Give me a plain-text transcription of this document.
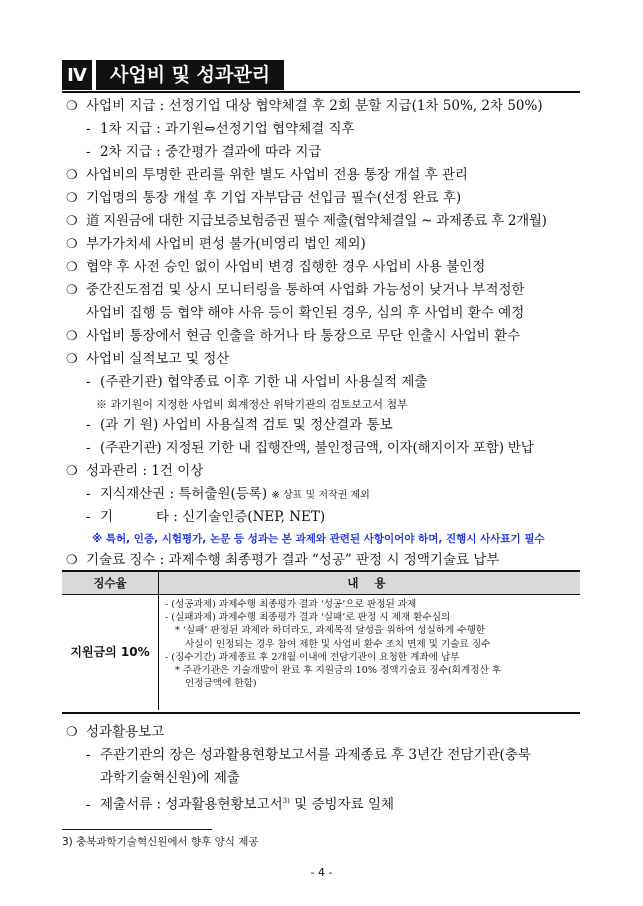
Ⅳ	사업비 및 성과관리
❍ 사업비 지급 : 선정기업 대상 협약체결 후 2회 분할 지급(1차 50%, 2차 50%)
- 1차 지급 : 과기원⇔선정기업 협약체결 직후
- 2차 지급 : 중간평가 결과에 따라 지급
❍ 사업비의 투명한 관리를 위한 별도 사업비 전용 통장 개설 후 관리
❍ 기업명의 통장 개설 후 기업 자부담금 선입금 필수(선정 완료 후)
❍ 道 지원금에 대한 지급보증보험증권 필수 제출(협약체결일 ~ 과제종료 후 2개월)
❍ 부가가치세 사업비 편성 불가(비영리 법인 제외)
❍ 협약 후 사전 승인 없이 사업비 변경 집행한 경우 사업비 사용 불인정
❍ 중간진도점검 및 상시 모니터링을 통하여 사업화 가능성이 낮거나 부적정한
사업비 집행 등 협약 해야 사유 등이 확인된 경우, 심의 후 사업비 환수 예정
❍ 사업비 통장에서 현금 인출을 하거나 타 통장으로 무단 인출시 사업비 환수
❍ 사업비 실적보고 및 정산
- (주관기관) 협약종료 이후 기한 내 사업비 사용실적 제출
※ 과기원이 지정한 사업비 회계정산 위탁기관의 검토보고서 첨부
- (과 기 원) 사업비 사용실적 검토 및 정산결과 통보
- (주관기관) 지정된 기한 내 집행잔액, 불인정금액, 이자(해지이자 포함) 반납
❍ 성과관리 : 1건 이상
- 지식재산권 : 특허출원(등록) ※ 상표 및 저작권 제외
- 기          타 : 신기술인증(NEP, NET)
※ 특허, 인증, 시험평가, 논문 등 성과는 본 과제와 관련된 사항이어야 하며, 진행시 사사표기 필수
❍ 기술료 징수 : 과제수행 최종평가 결과 “성공” 판정 시 정액기술료 납부
징수율	내 용
지원금의 10%
- (성공과제) 과제수행 최종평가 결과 ‘성공’으로 판정된 과제
- (실패과제) 과제수행 최종평가 결과 ‘실패’로 판정 시 제재 환수심의
* ‘실패’ 판정된 과제라 하더라도, 과제목적 달성을 위하여 성실하게 수행한
사실이 인정되는 경우 참여 제한 및 사업비 환수 조치 면제 및 기술료 징수
- (징수기간) 과제종료 후 2개월 이내에 전담기관이 요청한 계좌에 납부
* 주관기관은 기술개발이 완료 후 지원금의 10% 정액기술료 징수(회계정산 후
인정금액에 한함)
❍ 성과활용보고
- 주관기관의 장은 성과활용현황보고서를 과제종료 후 3년간 전담기관(충북
과학기술혁신원)에 제출
- 제출서류 : 성과활용현황보고서$^{3)}$ 및 증빙자료 일체
3) 충북과학기술혁신원에서 향후 양식 제공
- 4 -
